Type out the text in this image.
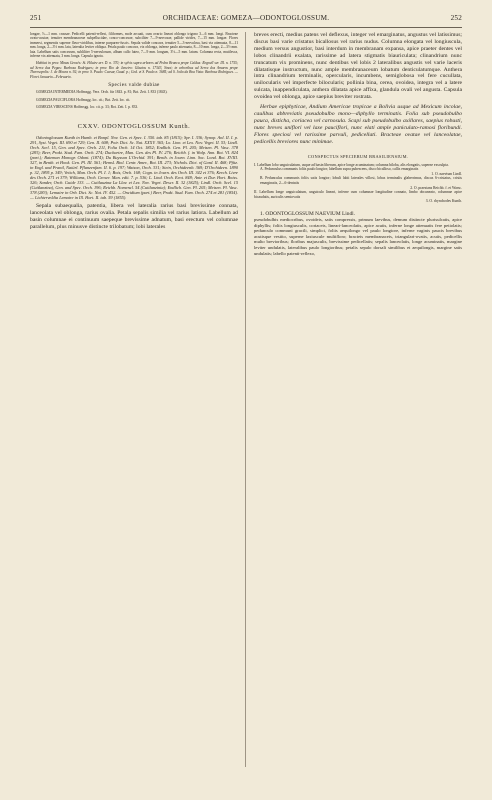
251	ORCHIDACEAE: GOMEZA—ODONTOGLOSSUM.	252

longae, ⅓—1 mm. crassae. Pedicelli patenti-reflexi, filiformes, mole arcuati, cum ovario lineari oblongo trigono 3—6 mm. longi. Bracteae ovato-acutae, tenuiter membranaceae subpellucidae, conco-concavae, subciliter 7—9-nervosae, pallide virides, 7—15 mm. longae. Flores immersi, segmentis superne flavo-viridibus, interne purpureo-fuscis. Sepala valide concava, tenuiter 5—3-nervulosa, basi via attenuata, 8—11 mm. longa, 2—3½ mm. lata, lateralia leviter obliqua. Petala paulo concava, vix oblonga, inferne paulo attenuata, 8—10 mm. longa, 2—3½ mm. lata. Labellum satis concavum, subliliter 5-nervulosum, album callo luteo, 7—9 mm. longum, 3½—5 mm. latum. Columna recta, mutilesca, inferne vix attenuata, 3 mm. longa. Capsula ignota.

Habitat in prov. Minas Geraës: St. Hilaire arr. D. n. 370; in sylvis supra arbores ad Pedra Branca prope Caldas: Regnell ser. III. n. 1755; ad Serra das Pegas: Barbosa Rodrigues; in prov. Rio de Janeiro: Glaziou n. 17343, Sinot; in arboribus ad Serra dos Amaros prope Theresopolis: J. de Moura n. 92; in prov. S. Paulo: Caesar, Gaud. p.; Ged. et S. Paulo n. 3685; ad S. João da Boa Vista: Barbosa Rodrigues. — Floret Januario—Februario.

Species valde dubiae

GOMEZIA INTERMEDIA Hoffmsgg. Verz. Orch. für 1843. p. 81; Bot. Zeit. I. 833 (1843).

GOMEZIA PAUCIFLORA Hoffmsgg. loc. cit.; Bot. Zeit. loc. cit.

GOMEZIA VIRESCENS Hoffmsgg. loc. cit. p. 33; Bot. Zeit. I. p. 833.

CXXV. ODONTOGLOSSUM Kunth.

Odontoglossum Kunth in Humb. et Bonpl. Nov. Gen. et Spec. I. 350. tab. 85 (1815); Spr. I. 336; Synop. Anl. II. I. p. 291, Syst. Veget. III. 690 et 729; Gen. II. 608; Poir. Dict. Sc. Nat. XXXV. 365; Lo. Lion. et Lex. Nov. Veget. II. 53; Lindl. Orch. Scel. 15, Gen. and Spec. Orch. 211, Folia Orch. 14 Oct. 1852; Endlich. Gen. Pl. 205; Meisen. Pl. Vasc. 378 (283); Beer, Prakt. Stud. Fam. Orch. 274; Duchartre, Man. Gen. des Pl. IV. 276; Reichb. f. in Walp. Ann. Bot. VI. 824 (part.); Bateman Monogr. Odont. (1874); Du Buysson L'Orchid. 391; Benth. in Journ. Linn. Soc. Lond. Bot. XVIII. 327, in Benth. et Hook. Gen. Pl. III. 561; Hemsl. Biol. Centr. Amer., Bot. III. 273; Nichols. Dict. of Gard. II. 468; Pfitz. in Engl. und Prantl, Natürl. Pflanzenfam. II. 6. p. 197; Watson, Orch. 331; Stein, Orchideenb. 369; D'Orchideen. 1890 p. 32, 1895 p. 349; Veitch, Man. Orch. Pl. I. 1; Bois, Orch. 168; Cogn. in Journ. des Orch. III. 342 et 376; Kerch. Livre des Orch. 271 et 379; Williams, Orch. Growe. Man. edit. 7. p. 536; L. Lind. Orch. Eeot. 848; Antr. et Dur. Hort. Boiss. 326; Sander, Orch. Guide 133. — Cuitlauzina La Llav. et Lex. Nov. Veget. Descr. II. 32 (1825); Lindl. Orch. Scel. 15 (Cuitlanzina), Gen. and Spec. Orch. 196; Reichb. Nomencl. 54 (Cuitlanzinia); Endlich. Gen. Pl. 205; Meisen. Pl. Vasc. 378 (283); Lemaire in Orb. Dict. Sc. Nat. IV. 452. — Oncidium (part.) Beer, Prakt. Stud. Fam. Orch. 274 et 281 (1854). — Lichterveldia Lemaire in Ill. Hort. II. tab. 59 (1855).

Sepala subaequalia, patentia, libera vel lateralia rarius basi brevissime connata, lanceolata vel oblonga, rarius ovalia. Petala sepalis similia vel rarius latiora. Labellum ad basin columnae ei continuum saepeque brevissime adnatum, basi erectum vel columnae parallelum, plus minusve distincte trilobatum; lobi laterales

breves erecti, medius patens vel deflexus, integer vel emarginatus, angustus vel latissimus; discus basi varie cristatus bicallosus vel rarius nudus. Columna elongata vel longiuscula, medium versus angustior, basi interdum in membranam expansa, apice praeter dentes vel lobos clinandrii exalata, rarissime ad latera stigmatis biauriculata; clinandrium nunc truncatum vix prominens, nunc dentibus vel lobis 2 lateralibus angustis vel varie laceris dilatatisque instructum, nunc ample membranaceum lobatum denticulatumque. Anthera intra clinandrium terminalis, opercularis, incumbens, semiglobosa vel fere cucullata, unilocularis vel imperfecte bilocularis; pollinia bina, cerea, ovoidea, integra vel a latere sulcata, inappendiculata, anthera dilatata apice affixa, glandula ovali vel angusta. Capsula ovoidea vel oblonga, apice saepius breviter rostrata.

Herbae epiphyticae, Andium Americae tropicae a Bolivia usque ad Mexicum incolae, caulibus abbreviatis pseudobulbo mono—diphyllo terminatis. Folia sub pseudobulbo pauca, disticha, coriacea vel carnosula. Scapi sub pseudobulbo axillares, saepius robusti, nunc breves uniflori vel laxe pauciflori, nunc elati ample paniculato-ramosi floribundi. Flores speciosi vel rarissime parvuli, pedicellati. Bracteae ovatae vel lanceolatae, pedicellis breviores nunc minimae.

CONSPECTUS SPECIERUM BRASILIENSIUM.

I. Labellum lobo unguiculatum, usque ad basin liberum, apice longe acuminatum; columna biloba, alis elongatis, superne exsculpta.

A. Pedunculus communis foliis paulo longior; labellum supra pubescens, disco bicalloso, callis emarginatis

1. O. naevium Lindl.

B. Pedunculus communis foliis satis longior; lobuli labii laterales villosi, lobus terminalis glaberrimus, discus 6-cristatus, cristis emarginatis, 2—6-dentatis

2. O. praestans Reichb. f. et Warsc.

II. Labellum longe unguiculatum, unguiculo lineari, inferne cum columnae longitudine connato, limbo obcuneato, columnae apice bicaudatis, auriculis semiovatis

3. O. rhynchodes Kunth.

1. ODONTOGLOSSUM NAEVIUM Lindl.

pseudobulbis mediocribus, ovoideis, satis compressis, primum laevibus, demum distincte plurisulcatis, apice diphyllis; foliis longiusculis, coriaceis, lineari-lanceolatis, apice acutis, inferne longe attenuatis fere petiolatis; pedunculo communi gracili, simplici, foliis aequilongo vel paulo longiore, inferne vaginis paucis brevibus acutisque vestito, superne laxiuscule multifloro; bracteis membranaceis, triangulari-ovatis, acutis, pedicellis multo brevioribus; floribus majusculis, brevissime pedicellatis; sepalis lanceolatis, longe acuminatis, margine leviter undulatis, lateralibus paulo longioribus; petalis sepalo dorsali similibus et aequilongis, margine satis undulatis; labello patenti-reflexo,
